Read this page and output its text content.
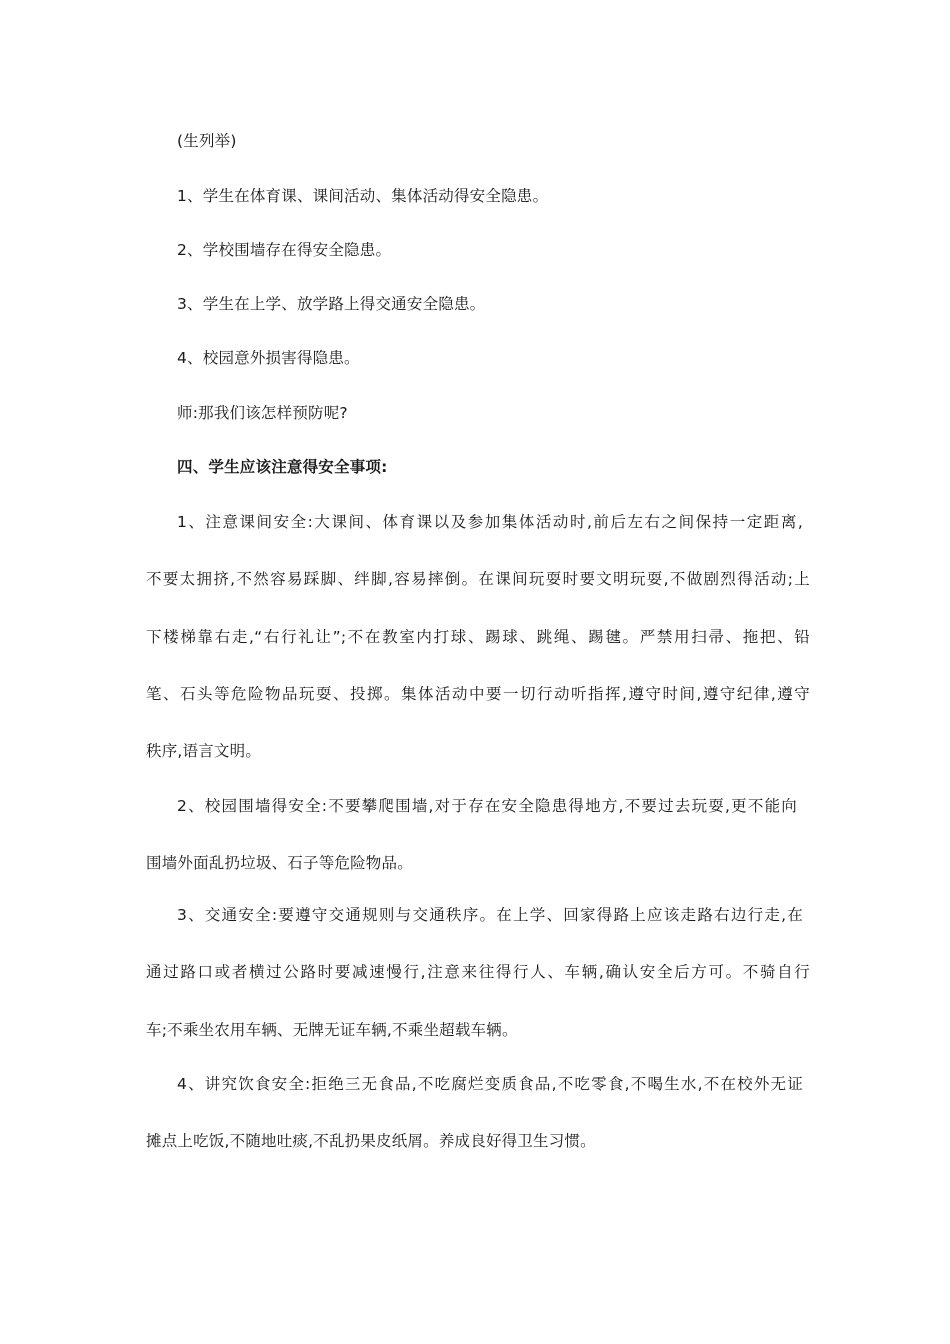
(生列举)
1、学生在体育课、课间活动、集体活动得安全隐患。
2、学校围墙存在得安全隐患。
3、学生在上学、放学路上得交通安全隐患。
4、校园意外损害得隐患。
师:那我们该怎样预防呢?
四、学生应该注意得安全事项:
1、注意课间安全:大课间、体育课以及参加集体活动时,前后左右之间保持一定距离,
不要太拥挤,不然容易踩脚、绊脚,容易摔倒。在课间玩耍时要文明玩耍,不做剧烈得活动;上
下楼梯靠右走,“右行礼让”;不在教室内打球、踢球、跳绳、踢毽。严禁用扫帚、拖把、铅
笔、石头等危险物品玩耍、投掷。集体活动中要一切行动听指挥,遵守时间,遵守纪律,遵守
秩序,语言文明。
2、校园围墙得安全:不要攀爬围墙,对于存在安全隐患得地方,不要过去玩耍,更不能向
围墙外面乱扔垃圾、石子等危险物品。
3、交通安全:要遵守交通规则与交通秩序。在上学、回家得路上应该走路右边行走,在
通过路口或者横过公路时要减速慢行,注意来往得行人、车辆,确认安全后方可。不骑自行
车;不乘坐农用车辆、无牌无证车辆,不乘坐超载车辆。
4、讲究饮食安全:拒绝三无食品,不吃腐烂变质食品,不吃零食,不喝生水,不在校外无证
摊点上吃饭,不随地吐痰,不乱扔果皮纸屑。养成良好得卫生习惯。
